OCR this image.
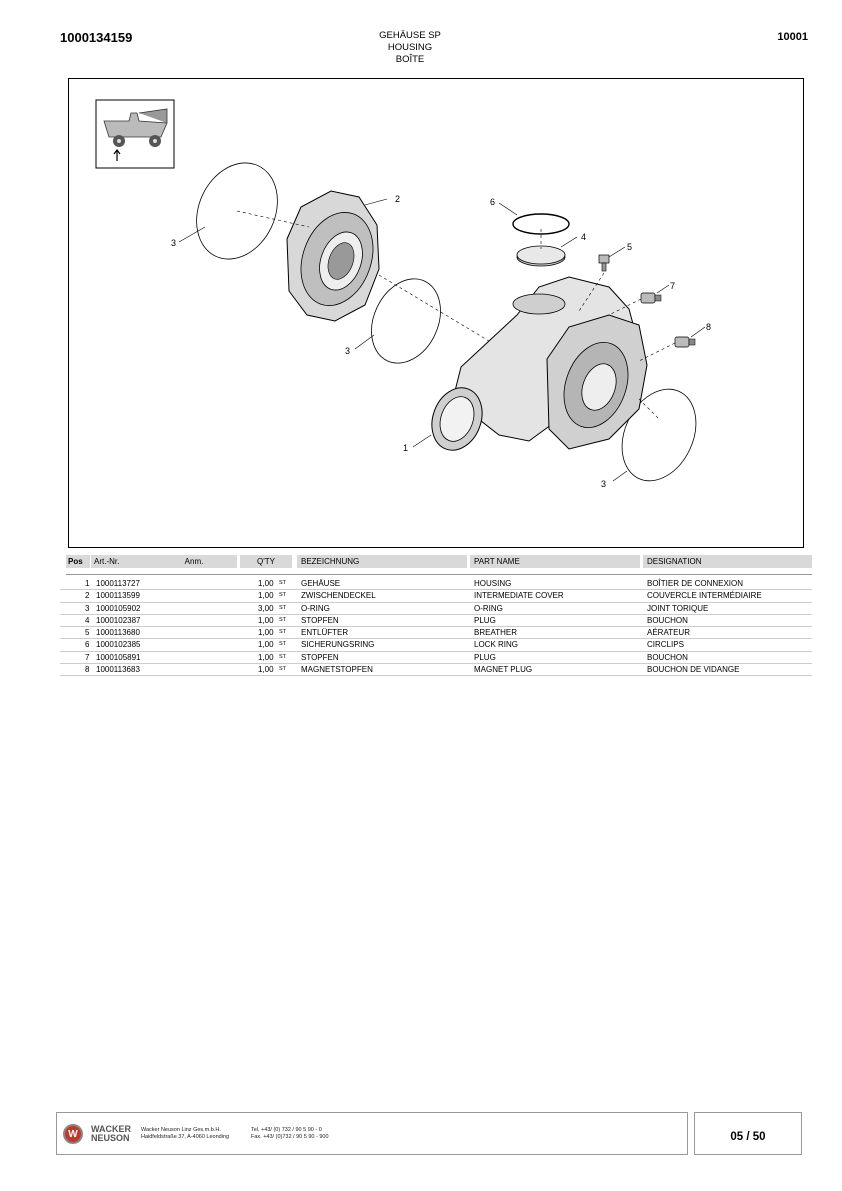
1000134159	GEHÄUSE SP
HOUSING
BOÎTE
10001
1
2
3
3
3
4
5
6
7
8
Pos	Art.-Nr.	Anm.	Q'TY	BEZEICHNUNG	PART NAME	DESIGNATION
1 1000113727	1,00 ST GEHÄUSE	HOUSING	BOÎTIER DE CONNEXION
2 1000113599	1,00 ST ZWISCHENDECKEL	INTERMEDIATE COVER	COUVERCLE INTERMÉDIAIRE
3 1000105902	3,00 ST O-RING	O-RING	JOINT TORIQUE
4 1000102387	1,00 ST STOPFEN	PLUG	BOUCHON
5 1000113680	1,00 ST ENTLÜFTER	BREATHER	AÉRATEUR
6 1000102385	1,00 ST SICHERUNGSRING	LOCK RING	CIRCLIPS
7 1000105891	1,00 ST STOPFEN	PLUG	BOUCHON
8 1000113683	1,00 ST MAGNETSTOPFEN	MAGNET PLUG	BOUCHON DE VIDANGE
W	WACKER
NEUSON
Wacker Neuson Linz Ges.m.b.H.
Haidfeldstraße 37, A-4060 Leonding
Tel. +43/ (0) 732 / 90 5 90 - 0
Fax. +43/ (0)732 / 90 5 90 - 900	05 / 50
